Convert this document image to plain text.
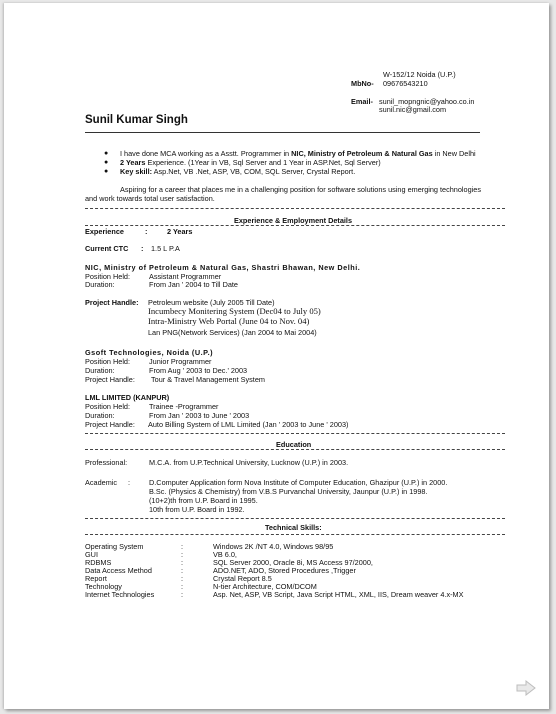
W-152/12 Noida (U.P.)
MbNo- 09676543210
Email- sunil_mopngnic@yahoo.co.in
sunil.nic@gmail.com
Sunil Kumar Singh
● I have done MCA working as a Asstt. Programmer in NIC, Ministry of Petroleum & Natural Gas in New Delhi
● 2 Years Experience. (1Year in VB, Sql Server and 1 Year in ASP.Net, Sql Server)
● Key skill: Asp.Net, VB .Net, ASP, VB, COM, SQL Server, Crystal Report.
Aspiring for a career that places me in a challenging position for software solutions using emerging technologies
and work towards total user satisfaction.
Experience & Employment Details
Experience	:	2 Years
Current CTC : 1.5 L P.A
NIC, Ministry of Petroleum & Natural Gas, Shastri Bhawan, New Delhi.
Position Held:	Assistant Programmer
Duration:	From Jan ' 2004 to Till Date
Project Handle: Petroleum website (July 2005 Till Date)
Incumbecy Monitering System (Dec04 to July 05)
Intra-Ministry Web Portal (June 04 to Nov. 04)
Lan PNG(Network Services) (Jan 2004 to Mai 2004)
Gsoft Technologies, Noida (U.P.)
Position Held:	Junior Programmer
Duration:	From Aug ' 2003 to Dec.' 2003
Project Handle: Tour & Travel Management System
LML LIMITED (KANPUR)
Position Held:	Trainee -Programmer
Duration:	From Jan ' 2003 to June ' 2003
Project Handle: Auto Billing System of LML Limited (Jan ' 2003 to June ' 2003)
Education
Professional:	M.C.A. from U.P.Technical University, Lucknow (U.P.) in 2003.
Academic :	D.Computer Application form Nova Institute of Computer Education, Ghazipur (U.P.) in 2000.
B.Sc. (Physics & Chemistry) from V.B.S Purvanchal University, Jaunpur (U.P.) in 1998.
(10+2)th from U.P. Board in 1995.
10th from U.P. Board in 1992.
Technical Skills:
Operating System	:	Windows 2K /NT 4.0, Windows 98/95
GUI	:	VB 6.0,
RDBMS	:	SQL Server 2000, Oracle 8i, MS Access 97/2000,
Data Access Method	:	ADO.NET, ADO, Stored Procedures ,Trigger
Report	:	Crystal Report 8.5
Technology	:	N-tier Architecture, COM/DCOM
Internet Technologies	:	Asp. Net, ASP, VB Script, Java Script HTML, XML, IIS, Dream weaver 4.x-MX
